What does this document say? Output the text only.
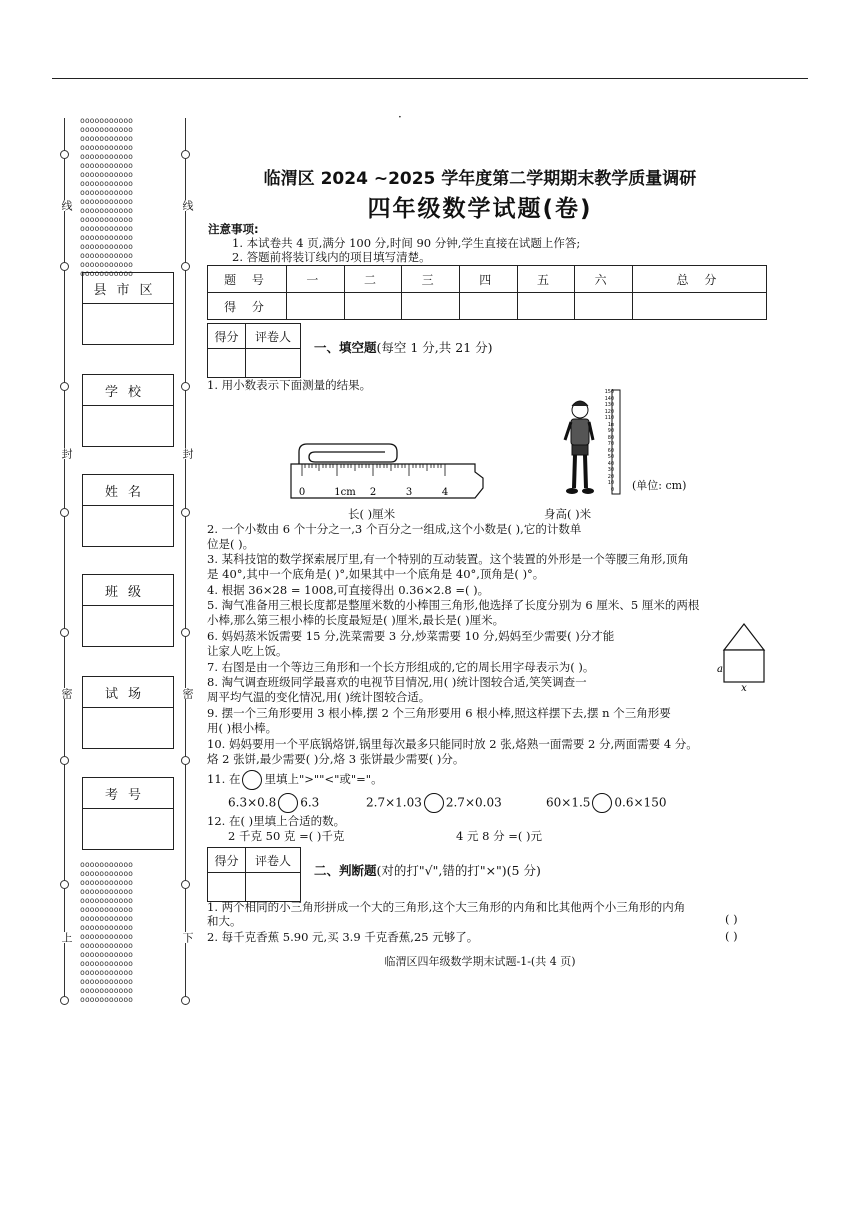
ooooooooooo
ooooooooooo
ooooooooooo
ooooooooooo
ooooooooooo
ooooooooooo
ooooooooooo
ooooooooooo
ooooooooooo
ooooooooooo
ooooooooooo
ooooooooooo
ooooooooooo
ooooooooooo
ooooooooooo
ooooooooooo
ooooooooooo
ooooooooooo
ooooooooooo
ooooooooooo
ooooooooooo
ooooooooooo
ooooooooooo
ooooooooooo
ooooooooooo
ooooooooooo
ooooooooooo
ooooooooooo
ooooooooooo
ooooooooooo
ooooooooooo
ooooooooooo
ooooooooooo
ooooooooooo
线
封
密
上
线
封
密
下
县市区
学校
姓名
班级
试场
考号
·
临渭区 2024 ~2025 学年度第二学期期末教学质量调研
四年级数学试题(卷)
注意事项:
1. 本试卷共 4 页,满分 100 分,时间 90 分钟,学生直接在试题上作答;
2. 答题前将装订线内的项目填写清楚。
题 号	一	二	三	四	五	六	总 分
得 分							
得分	评卷人

一、填空题(每空 1 分,共 21 分)
1. 用小数表示下面测量的结果。
0	1cm 2	3	4
150
140
130
120
110
1m
90
80
70
60
50
40
30
20
10
0 (单位: cm)
长( )厘米	身高( )米
2. 一个小数由 6 个十分之一,3 个百分之一组成,这个小数是( ),它的计数单
位是( )。
3. 某科技馆的数学探索展厅里,有一个特别的互动装置。这个装置的外形是一个等腰三角形,顶角
是 40°,其中一个底角是( )°,如果其中一个底角是 40°,顶角是( )°。
4. 根据 36×28 = 1008,可直接得出 0.36×2.8 =( )。
5. 淘气准备用三根长度都是整厘米数的小棒围三角形,他选择了长度分别为 6 厘米、5 厘米的两根
小棒,那么第三根小棒的长度最短是( )厘米,最长是( )厘米。
6. 妈妈蒸米饭需要 15 分,洗菜需要 3 分,炒菜需要 10 分,妈妈至少需要( )分才能
让家人吃上饭。
7. 右图是由一个等边三角形和一个长方形组成的,它的周长用字母表示为( )。
8. 淘气调查班级同学最喜欢的电视节目情况,用( )统计图较合适,笑笑调查一
周平均气温的变化情况,用( )统计图较合适。
9. 摆一个三角形要用 3 根小棒,摆 2 个三角形要用 6 根小棒,照这样摆下去,摆 n 个三角形要
用( )根小棒。
10. 妈妈要用一个平底锅烙饼,锅里每次最多只能同时放 2 张,烙熟一面需要 2 分,两面需要 4 分。
烙 2 张饼,最少需要( )分,烙 3 张饼最少需要( )分。
a
x
11. 在 里填上">""<"或"="。
6.3×0.8 6.3	2.7×1.03 2.7×0.03	60×1.5 0.6×150
12. 在( )里填上合适的数。
2 千克 50 克 =( )千克	4 元 8 分 =( )元
得分	评卷人

二、判断题(对的打"√",错的打"×")(5 分)
1. 两个相同的小三角形拼成一个大的三角形,这个大三角形的内角和比其他两个小三角形的内角
和大。	( )
2. 每千克香蕉 5.90 元,买 3.9 千克香蕉,25 元够了。	( )
临渭区四年级数学期末试题-1-(共 4 页)
